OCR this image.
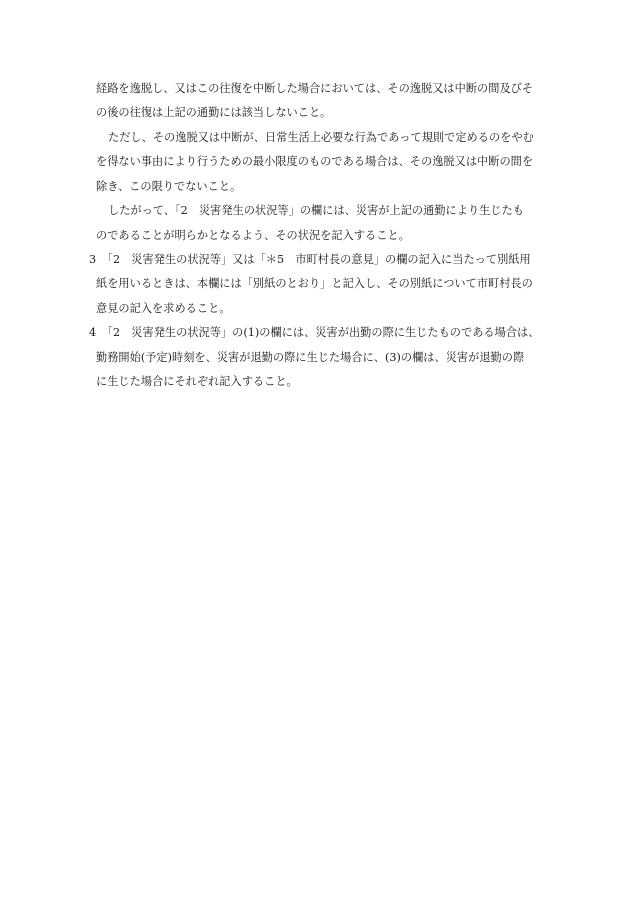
経路を逸脱し、又はこの往復を中断した場合においては、その逸脱又は中断の間及びそ
の後の往復は上記の通勤には該当しないこと。
ただし、その逸脱又は中断が、日常生活上必要な行為であって規則で定めるのをやむ
を得ない事由により行うための最小限度のものである場合は、その逸脱又は中断の間を
除き、この限りでないこと。
したがって、「2　災害発生の状況等」の欄には、災害が上記の通勤により生じたも
のであることが明らかとなるよう、その状況を記入すること。
3　「2　災害発生の状況等」又は「＊5　市町村長の意見」の欄の記入に当たって別紙用
紙を用いるときは、本欄には「別紙のとおり」と記入し、その別紙について市町村長の
意見の記入を求めること。
4　「2　災害発生の状況等」の(1)の欄には、災害が出勤の際に生じたものである場合は、
勤務開始(予定)時刻を、災害が退勤の際に生じた場合に、(3)の欄は、災害が退勤の際
に生じた場合にそれぞれ記入すること。
